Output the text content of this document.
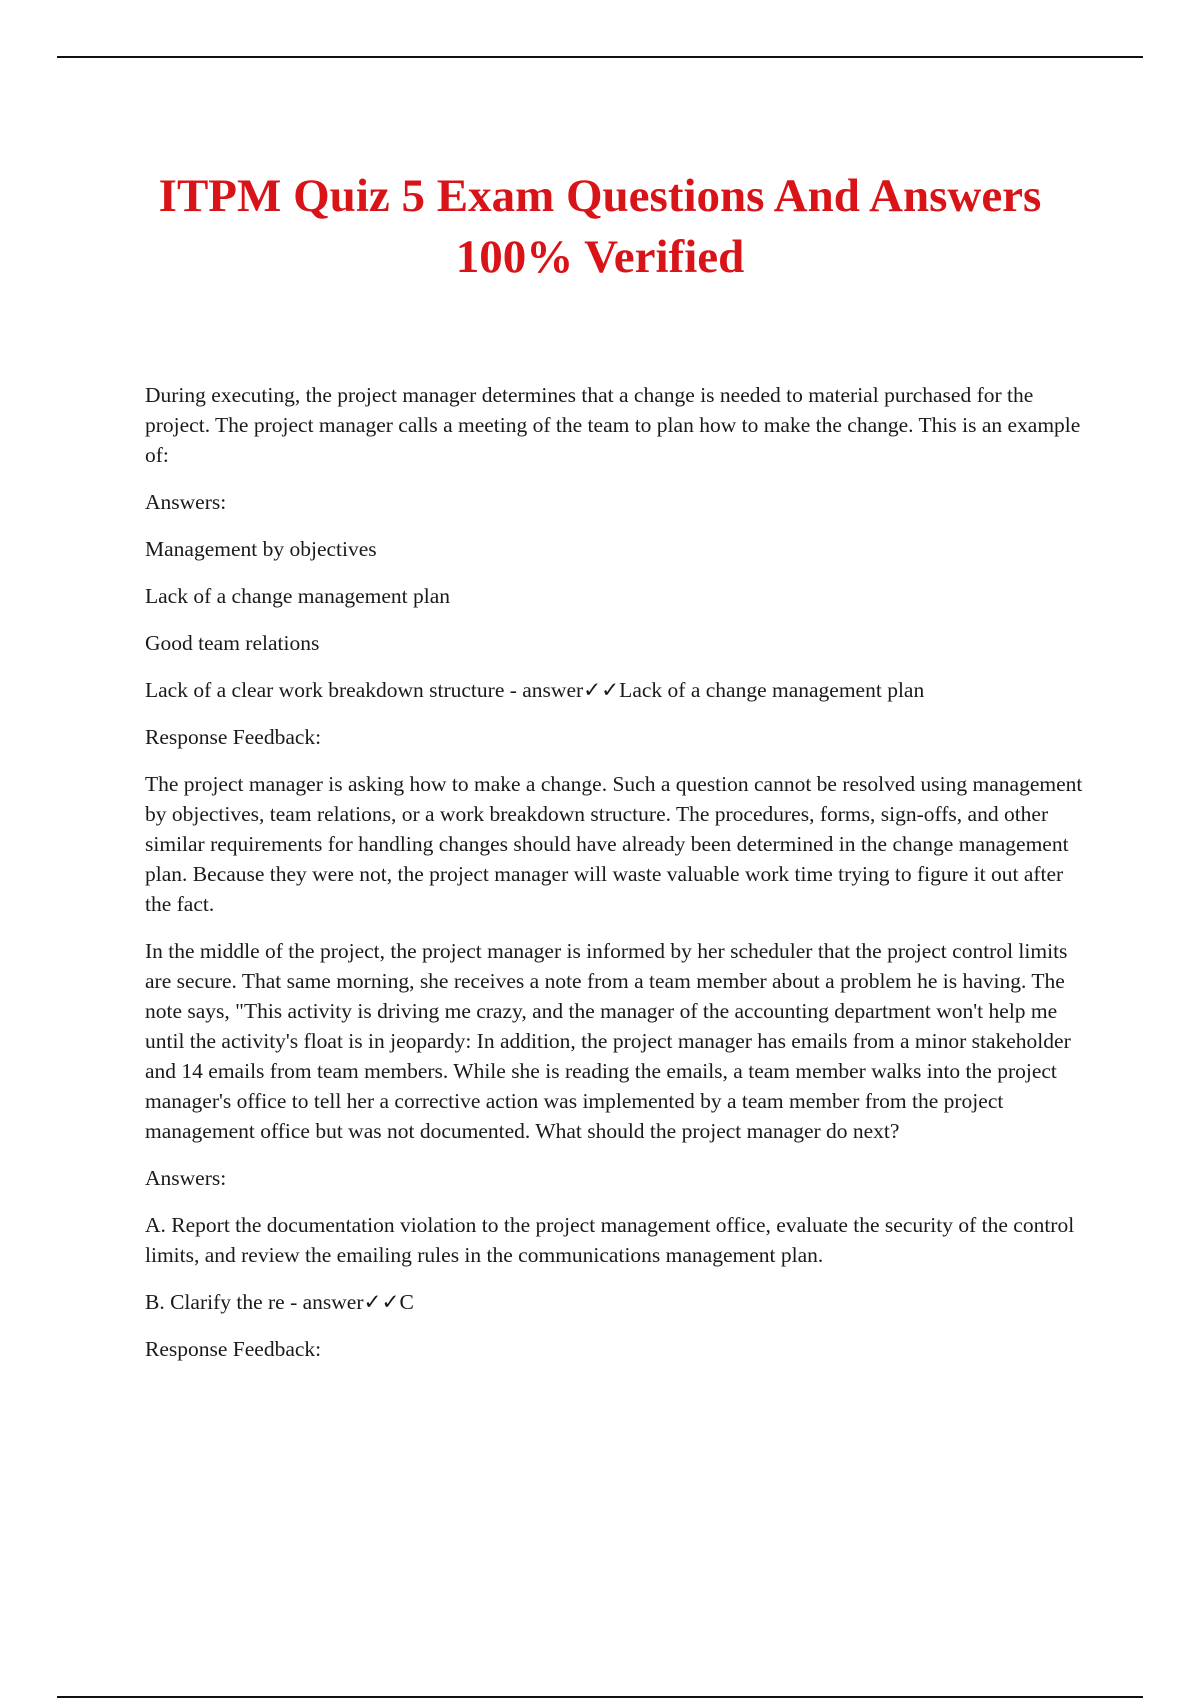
ITPM Quiz 5 Exam Questions And Answers
100% Verified

During executing, the project manager determines that a change is needed to material purchased for the project. The project manager calls a meeting of the team to plan how to make the change. This is an example of:

Answers:

Management by objectives

Lack of a change management plan

Good team relations

Lack of a clear work breakdown structure - answer✓✓Lack of a change management plan

Response Feedback:

The project manager is asking how to make a change. Such a question cannot be resolved using management by objectives, team relations, or a work breakdown structure. The procedures, forms, sign-offs, and other similar requirements for handling changes should have already been determined in the change management plan. Because they were not, the project manager will waste valuable work time trying to figure it out after the fact.

In the middle of the project, the project manager is informed by her scheduler that the project control limits are secure. That same morning, she receives a note from a team member about a problem he is having. The note says, "This activity is driving me crazy, and the manager of the accounting department won't help me until the activity's float is in jeopardy: In addition, the project manager has emails from a minor stakeholder and 14 emails from team members. While she is reading the emails, a team member walks into the project manager's office to tell her a corrective action was implemented by a team member from the project management office but was not documented. What should the project manager do next?

Answers:

A. Report the documentation violation to the project management office, evaluate the security of the control limits, and review the emailing rules in the communications management plan.

B. Clarify the re - answer✓✓C

Response Feedback:
